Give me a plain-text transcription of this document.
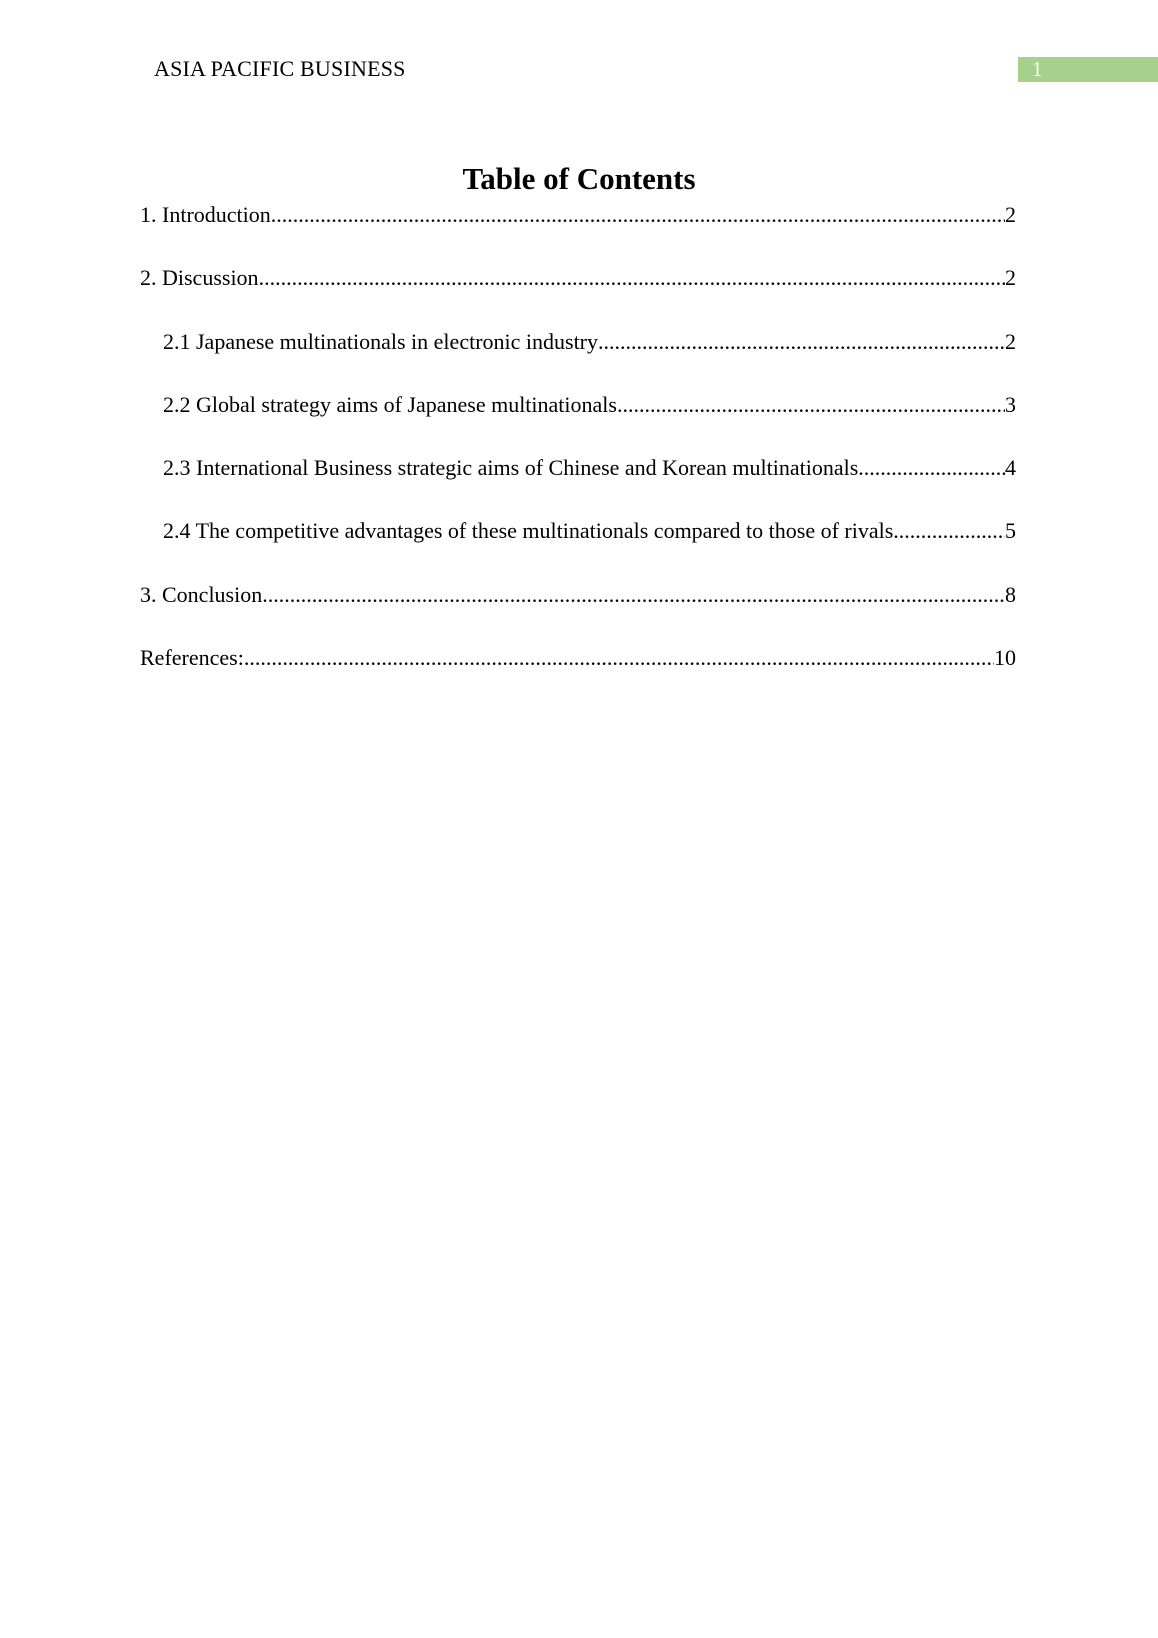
ASIA PACIFIC BUSINESS	1
Table of Contents
1. Introduction .....	2
2. Discussion .....	2
2.1 Japanese multinationals in electronic industry .....	2
2.2 Global strategy aims of Japanese multinationals .....	3
2.3 International Business strategic aims of Chinese and Korean multinationals .....	4
2.4 The competitive advantages of these multinationals compared to those of rivals .....	5
3. Conclusion .....	8
References: .....	10
